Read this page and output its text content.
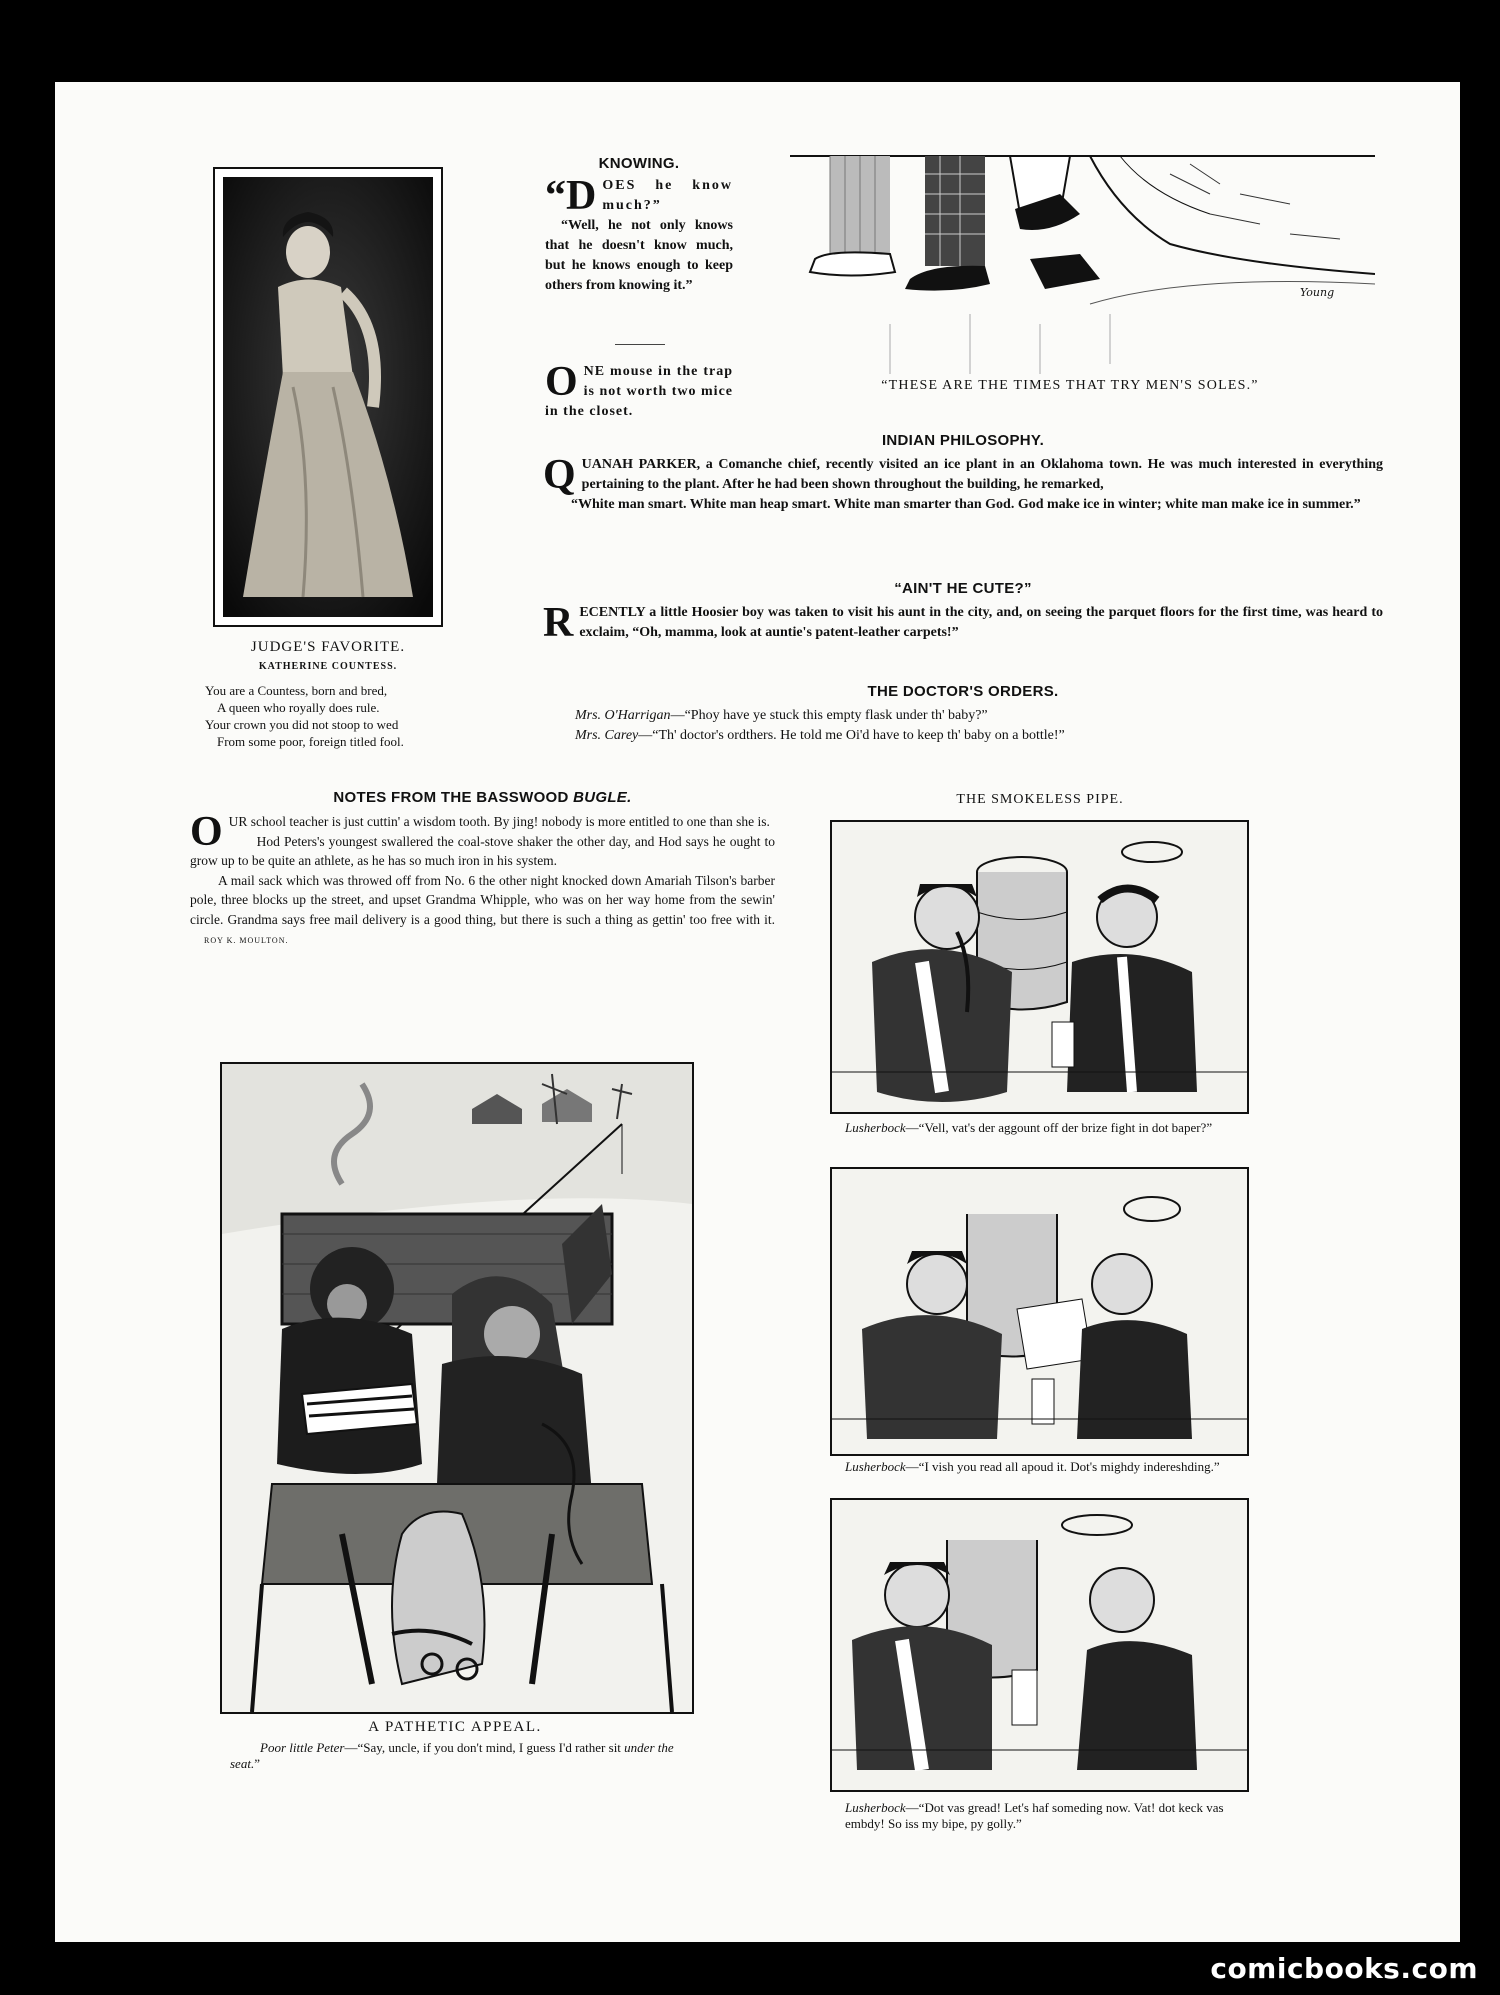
JUDGE'S FAVORITE.
KATHERINE COUNTESS.
You are a Countess, born and bred,
A queen who royally does rule.
Your crown you did not stoop to wed
From some poor, foreign titled fool.
KNOWING.
“D OES he know much?”
“Well, he not only knows that he doesn't know much, but he knows enough to keep others from knowing it.”
O NE mouse in the trap is not worth two mice in the closet.
Young
“THESE ARE THE TIMES THAT TRY MEN'S SOLES.”
INDIAN PHILOSOPHY.
Q UANAH PARKER, a Comanche chief, recently visited an ice plant in an Oklahoma town. He was much interested in everything pertaining to the plant. After he had been shown throughout the building, he remarked,
“White man smart. White man heap smart. White man smarter than God. God make ice in winter; white man make ice in summer.”
“AIN'T HE CUTE?”
R ECENTLY a little Hoosier boy was taken to visit his aunt in the city, and, on seeing the parquet floors for the first time, was heard to exclaim, “Oh, mamma, look at auntie's patent-leather carpets!”
THE DOCTOR'S ORDERS.
Mrs. O'Harrigan—“Phoy have ye stuck this empty flask under th' baby?”
Mrs. Carey—“Th' doctor's ordthers. He told me Oi'd have to keep th' baby on a bottle!”
NOTES FROM THE BASSWOOD BUGLE.
O UR school teacher is just cuttin' a wisdom tooth. By jing! nobody is more entitled to one than she is.
Hod Peters's youngest swallered the coal-stove shaker the other day, and Hod says he ought to grow up to be quite an athlete, as he has so much iron in his system.
A mail sack which was throwed off from No. 6 the other night knocked down Amariah Tilson's barber pole, three blocks up the street, and upset Grandma Whipple, who was on her way home from the sewin' circle. Grandma says free mail delivery is a good thing, but there is such a thing as gettin' too free with it. ROY K. MOULTON.
A PATHETIC APPEAL.
Poor little Peter—“Say, uncle, if you don't mind, I guess I'd rather sit under the seat.”
THE SMOKELESS PIPE.
Lusherbock—“Vell, vat's der aggount off der brize fight in dot baper?”
Lusherbock—“I vish you read all apoud it. Dot's mighdy indereshding.”
Lusherbock—“Dot vas gread! Let's haf someding now. Vat! dot keck vas embdy! So iss my bipe, py golly.”
comicbooks.com
